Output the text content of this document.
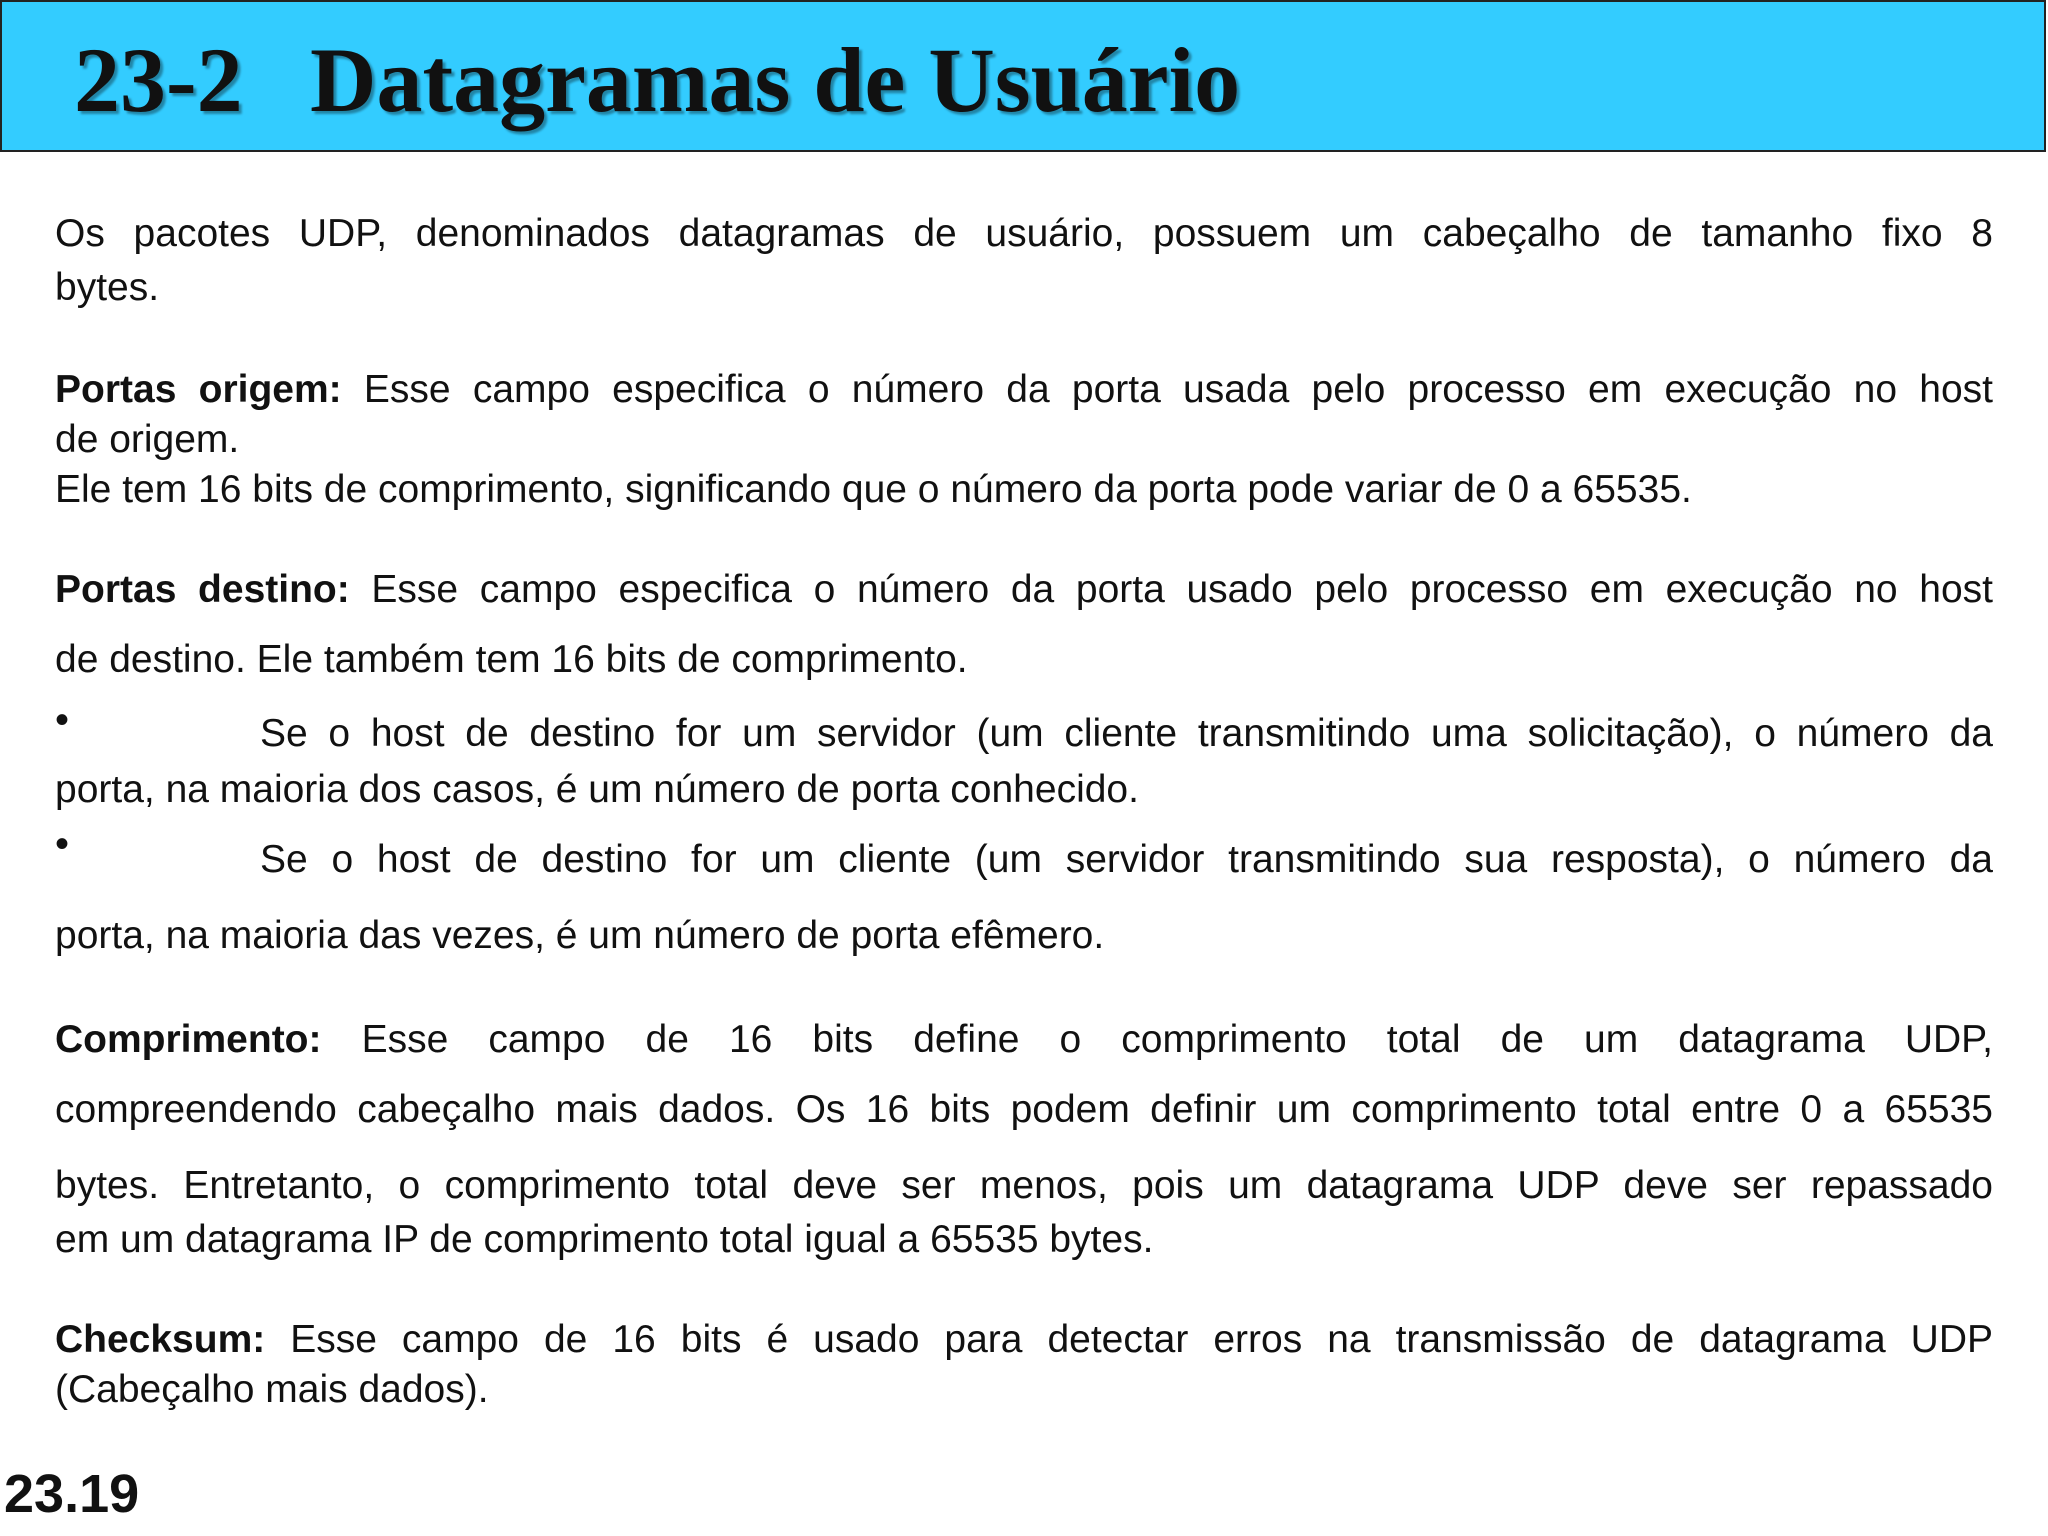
23-2 Datagramas de Usuário
Os pacotes UDP, denominados datagramas de usuário, possuem um cabeçalho de tamanho fixo 8
bytes.
Portas origem: Esse campo especifica o número da porta usada pelo processo em execução no host
de origem.
Ele tem 16 bits de comprimento, significando que o número da porta pode variar de 0 a 65535.
Portas destino: Esse campo especifica o número da porta usado pelo processo em execução no host
de destino. Ele também tem 16 bits de comprimento.
•	Se o host de destino for um servidor (um cliente transmitindo uma solicitação), o número da
porta, na maioria dos casos, é um número de porta conhecido.
•	Se o host de destino for um cliente (um servidor transmitindo sua resposta), o número da
porta, na maioria das vezes, é um número de porta efêmero.
Comprimento: Esse campo de 16 bits define o comprimento total de um datagrama UDP,
compreendendo cabeçalho mais dados. Os 16 bits podem definir um comprimento total entre 0 a 65535
bytes. Entretanto, o comprimento total deve ser menos, pois um datagrama UDP deve ser repassado
em um datagrama IP de comprimento total igual a 65535 bytes.
Checksum: Esse campo de 16 bits é usado para detectar erros na transmissão de datagrama UDP
(Cabeçalho mais dados).
23.19
